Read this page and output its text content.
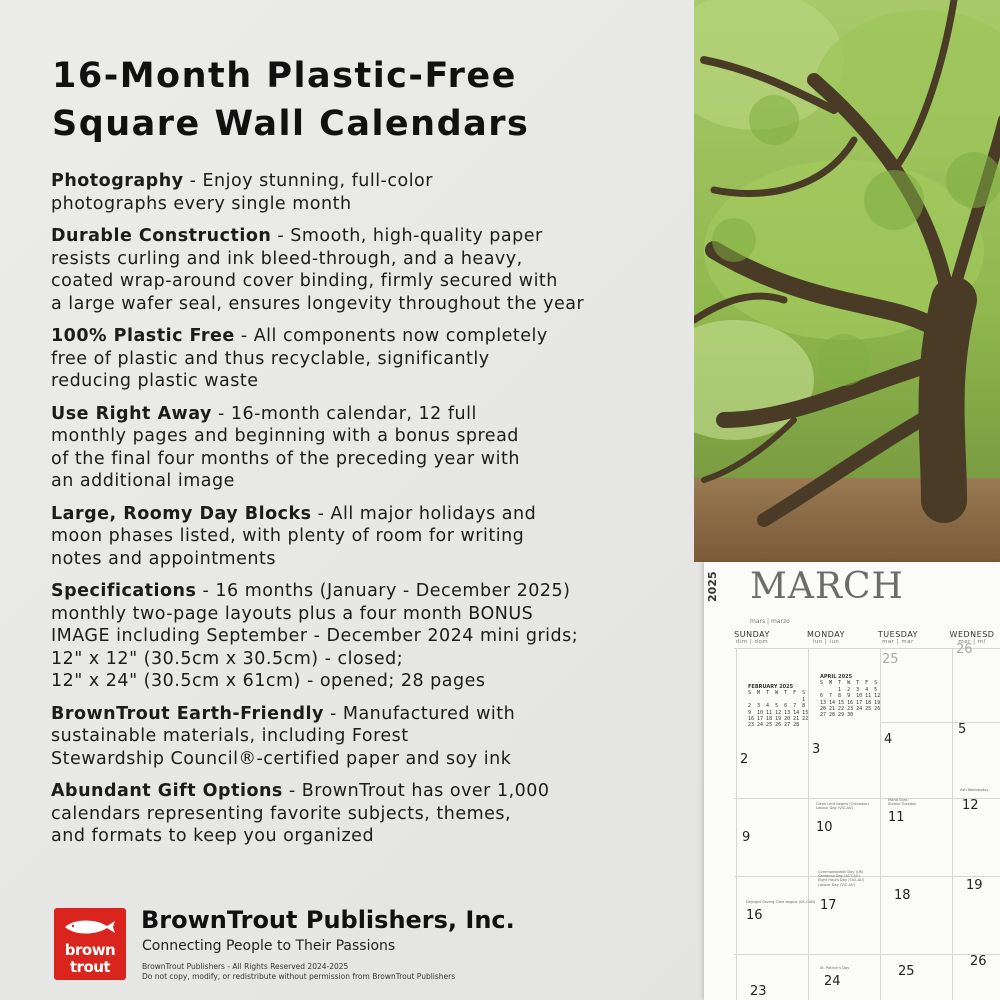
16-Month Plastic-Free
Square Wall Calendars
Photography - Enjoy stunning, full-color
photographs every single month
Durable Construction - Smooth, high-quality paper
resists curling and ink bleed-through, and a heavy,
coated wrap-around cover binding, firmly secured with
a large wafer seal, ensures longevity throughout the year
100% Plastic Free - All components now completely
free of plastic and thus recyclable, significantly
reducing plastic waste
Use Right Away - 16-month calendar, 12 full
monthly pages and beginning with a bonus spread
of the final four months of the preceding year with
an additional image
Large, Roomy Day Blocks - All major holidays and
moon phases listed, with plenty of room for writing
notes and appointments
Specifications - 16 months (January - December 2025)
monthly two-page layouts plus a four month BONUS
IMAGE including September - December 2024 mini grids;
12" x 12" (30.5cm x 30.5cm) - closed;
12" x 24" (30.5cm x 61cm) - opened; 28 pages
BrownTrout Earth-Friendly - Manufactured with
sustainable materials, including Forest
Stewardship Council®-certified paper and soy ink
Abundant Gift Options - BrownTrout has over 1,000
calendars representing favorite subjects, themes,
and formats to keep you organized
brown
trout
BrownTrout Publishers, Inc.
Connecting People to Their Passions
BrownTrout Publishers - All Rights Reserved 2024-2025
Do not copy, modify, or redistribute without permission from BrownTrout Publishers
2025 MARCH
mars | marzo
SUNDAY
dim | dom
MONDAY
lun | lun
TUESDAY
mar | mar
WEDNESD
mer | mi
FEBRUARY 2025
S  M  T  W  T  F  S
1
2  3  4  5  6  7  8
9  10 11 12 13 14 15
16 17 18 19 20 21 22
23 24 25 26 27 28
APRIL 2025
S  M  T  W  T  F  S
1  2  3  4  5
6  7  8  9  10 11 12
13 14 15 16 17 18 19
20 21 22 23 24 25 26
27 28 29 30
25
26
2
3
4
5
9
10
11
12
16
17
18
19
23
24
25
26
Clean Lent begins (Orthodox)
Labour Day (VIC-AU)
Mardi Gras
Shrove Tuesday
Ash Wednesday
Commonwealth Day (UK)
Canberra Day (ACT-AU)
Eight Hours Day (TAS-AU)
Labour Day (VIC-AU)
Daylight Saving Time begins (US-CAN)
St. Patrick's Day
